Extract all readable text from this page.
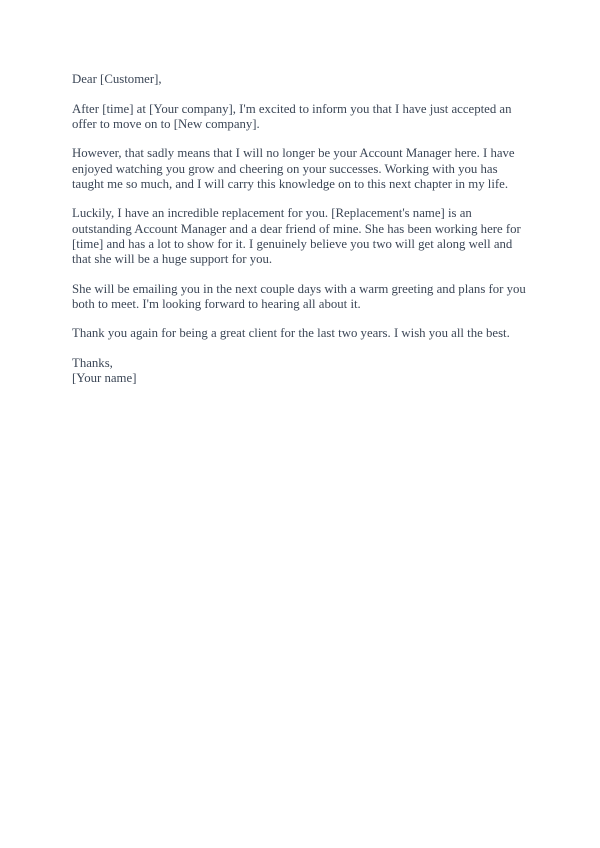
Dear [Customer],

After [time] at [Your company], I'm excited to inform you that I have just accepted an offer to move on to [New company].

However, that sadly means that I will no longer be your Account Manager here. I have enjoyed watching you grow and cheering on your successes. Working with you has taught me so much, and I will carry this knowledge on to this next chapter in my life.

Luckily, I have an incredible replacement for you. [Replacement's name] is an outstanding Account Manager and a dear friend of mine. She has been working here for [time] and has a lot to show for it. I genuinely believe you two will get along well and that she will be a huge support for you.

She will be emailing you in the next couple days with a warm greeting and plans for you both to meet. I'm looking forward to hearing all about it.

Thank you again for being a great client for the last two years. I wish you all the best.

Thanks,

[Your name]
